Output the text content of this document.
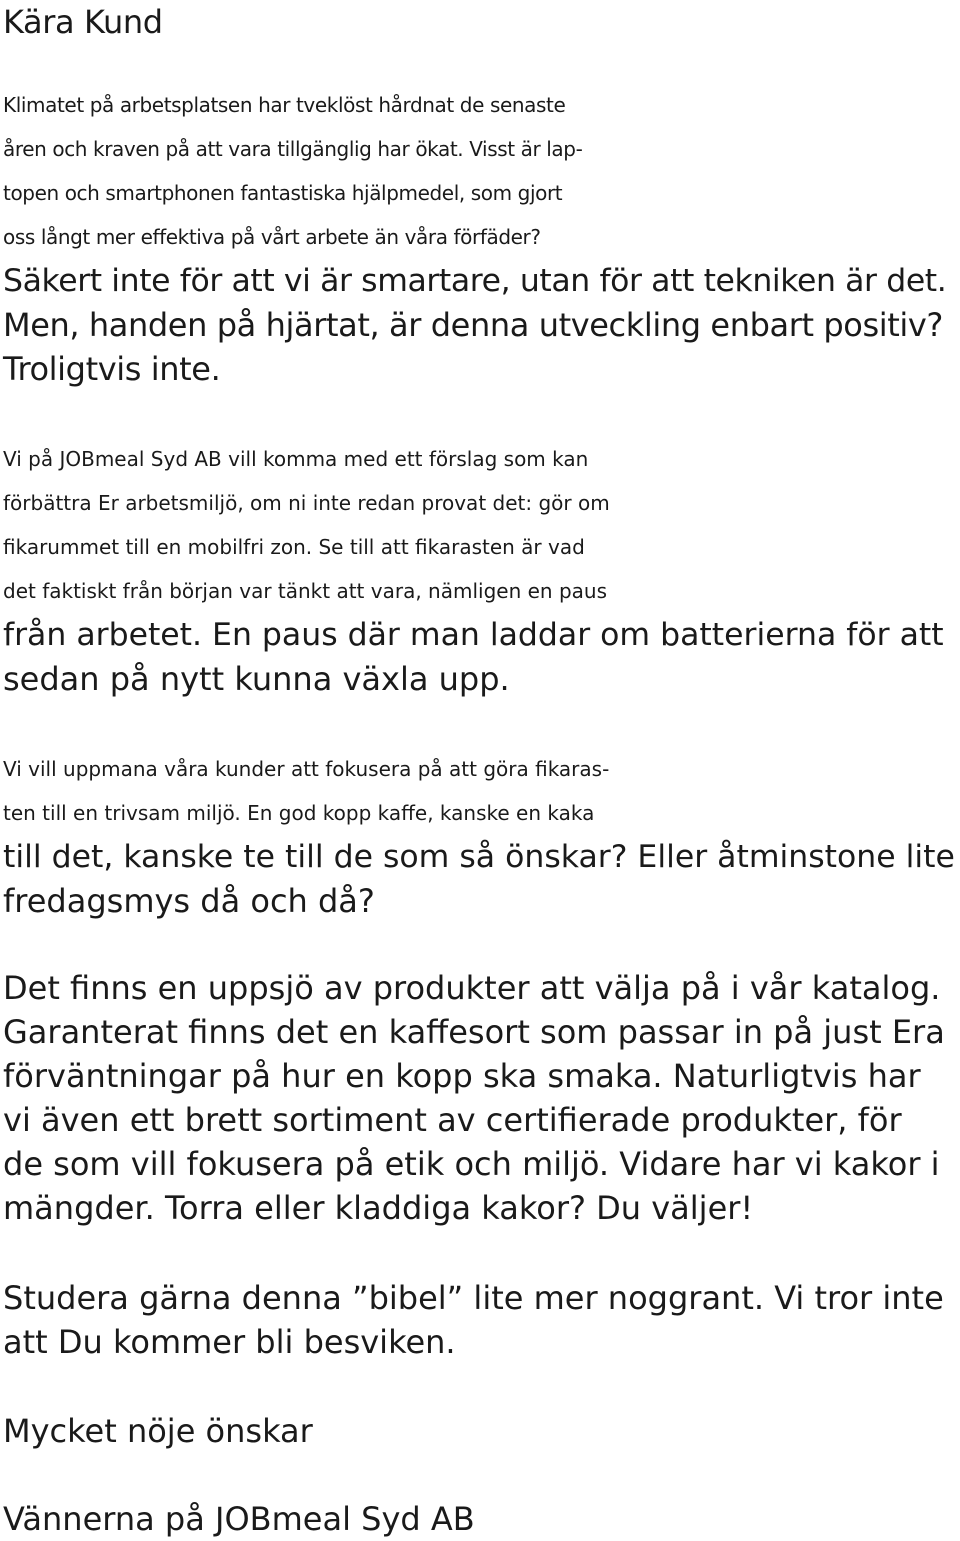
Kära Kund
Klimatet på arbetsplatsen har tveklöst hårdnat de senaste
åren och kraven på att vara tillgänglig har ökat. Visst är lap-
topen och smartphonen fantastiska hjälpmedel, som gjort
oss långt mer effektiva på vårt arbete än våra förfäder?
Säkert inte för att vi är smartare, utan för att tekniken är det.
Men, handen på hjärtat, är denna utveckling enbart positiv?
Troligtvis inte.
Vi på JOBmeal Syd AB vill komma med ett förslag som kan
förbättra Er arbetsmiljö, om ni inte redan provat det: gör om
fikarummet till en mobilfri zon. Se till att fikarasten är vad
det faktiskt från början var tänkt att vara, nämligen en paus
från arbetet. En paus där man laddar om batterierna för att
sedan på nytt kunna växla upp.
Vi vill uppmana våra kunder att fokusera på att göra fikaras-
ten till en trivsam miljö. En god kopp kaffe, kanske en kaka
till det, kanske te till de som så önskar? Eller åtminstone lite
fredagsmys då och då?
Det finns en uppsjö av produkter att välja på i vår katalog.
Garanterat finns det en kaffesort som passar in på just Era
förväntningar på hur en kopp ska smaka. Naturligtvis har
vi även ett brett sortiment av certifierade produkter, för
de som vill fokusera på etik och miljö. Vidare har vi kakor i
mängder. Torra eller kladdiga kakor? Du väljer!
Studera gärna denna ”bibel” lite mer noggrant. Vi tror inte
att Du kommer bli besviken.
Mycket nöje önskar
Vännerna på JOBmeal Syd AB
